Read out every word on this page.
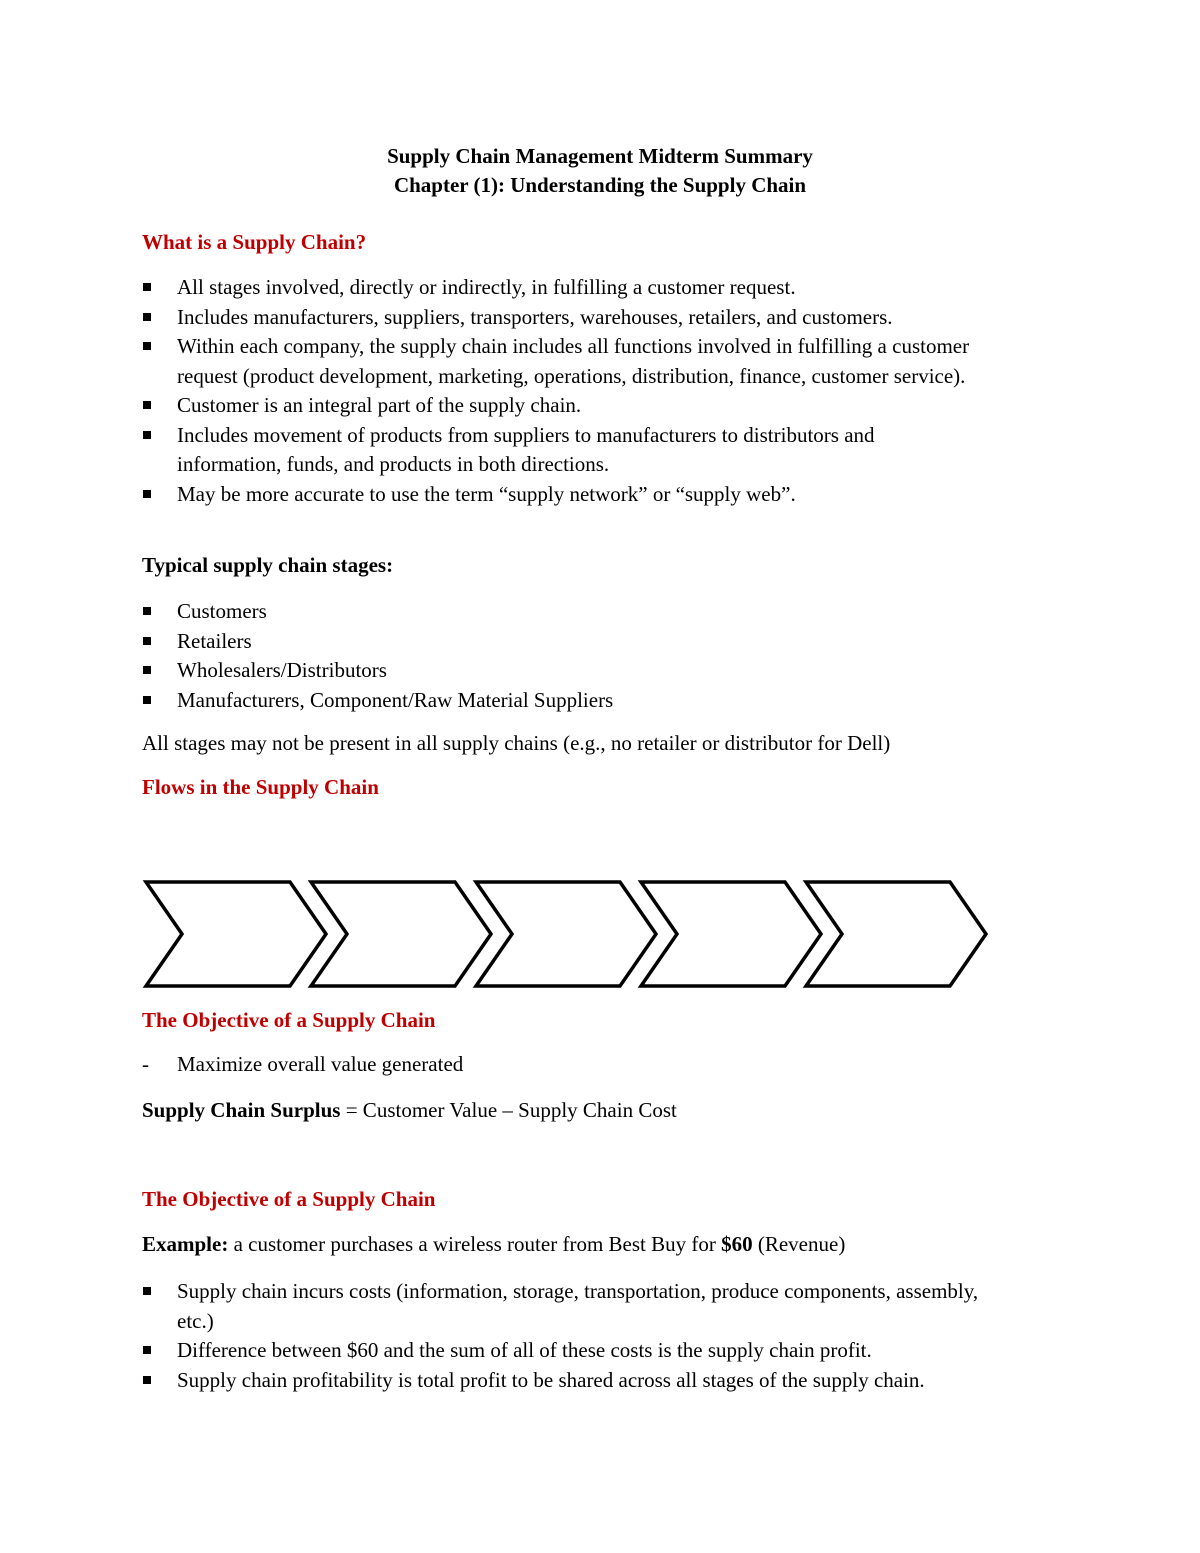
Supply Chain Management Midterm Summary
Chapter (1): Understanding the Supply Chain
What is a Supply Chain?
All stages involved, directly or indirectly, in fulfilling a customer request.
Includes manufacturers, suppliers, transporters, warehouses, retailers, and customers.
Within each company, the supply chain includes all functions involved in fulfilling a customer request (product development, marketing, operations, distribution, finance, customer service).
Customer is an integral part of the supply chain.
Includes movement of products from suppliers to manufacturers to distributors and information, funds, and products in both directions.
May be more accurate to use the term “supply network” or “supply web”.
Typical supply chain stages:
Customers
Retailers
Wholesalers/Distributors
Manufacturers, Component/Raw Material Suppliers
All stages may not be present in all supply chains (e.g., no retailer or distributor for Dell)
Flows in the Supply Chain
The Objective of a Supply Chain
- Maximize overall value generated
Supply Chain Surplus = Customer Value – Supply Chain Cost
The Objective of a Supply Chain
Example: a customer purchases a wireless router from Best Buy for $60 (Revenue)
Supply chain incurs costs (information, storage, transportation, produce components, assembly, etc.)
Difference between $60 and the sum of all of these costs is the supply chain profit.
Supply chain profitability is total profit to be shared across all stages of the supply chain.
